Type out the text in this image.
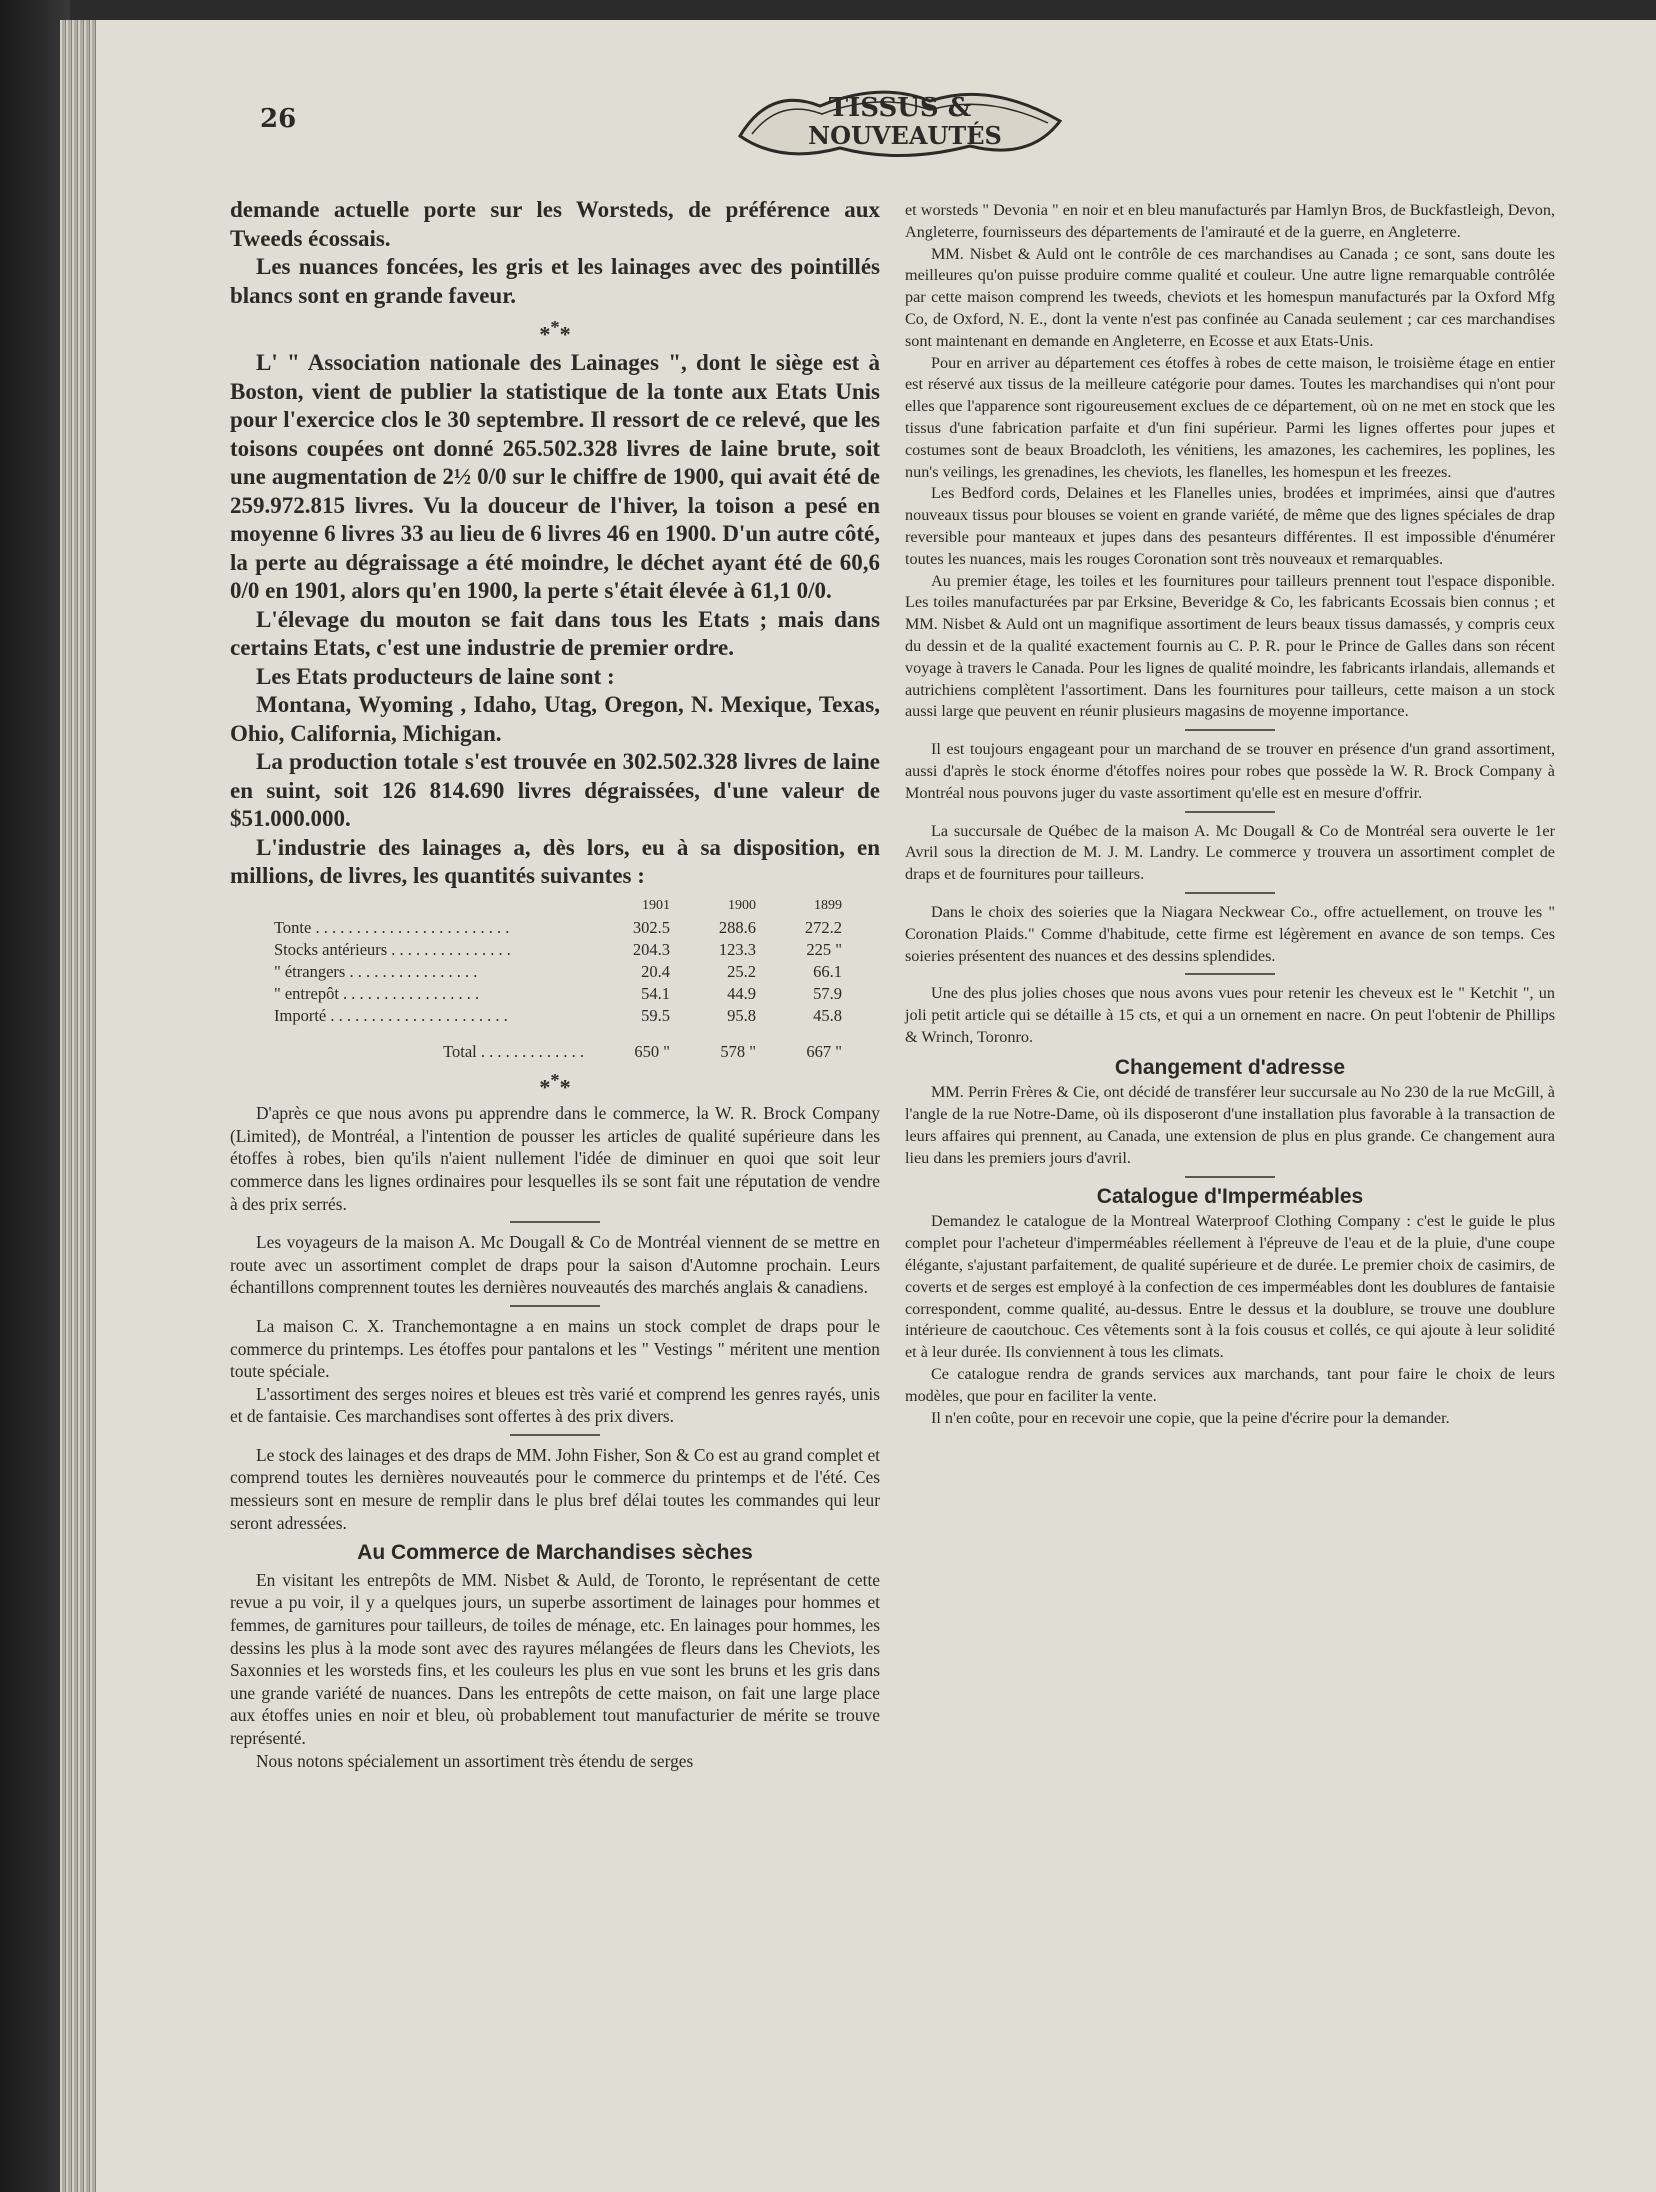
26	TISSUS &
NOUVEAUTÉS

demande actuelle porte sur les Worsteds, de préférence aux Tweeds écossais.

Les nuances foncées, les gris et les lainages avec des pointillés blancs sont en grande faveur.

***

L' " Association nationale des Lainages ", dont le siège est à Boston, vient de publier la statistique de la tonte aux Etats Unis pour l'exercice clos le 30 septembre. Il ressort de ce relevé, que les toisons coupées ont donné 265.502.328 livres de laine brute, soit une augmentation de 2½ 0/0 sur le chiffre de 1900, qui avait été de 259.972.815 livres. Vu la douceur de l'hiver, la toison a pesé en moyenne 6 livres 33 au lieu de 6 livres 46 en 1900. D'un autre côté, la perte au dégraissage a été moindre, le déchet ayant été de 60,6 0/0 en 1901, alors qu'en 1900, la perte s'était élevée à 61,1 0/0.

L'élevage du mouton se fait dans tous les Etats ; mais dans certains Etats, c'est une industrie de premier ordre.

Les Etats producteurs de laine sont :

Montana, Wyoming , Idaho, Utag, Oregon, N. Mexique, Texas, Ohio, California, Michigan.

La production totale s'est trouvée en 302.502.328 livres de laine en suint, soit 126 814.690 livres dégraissées, d'une valeur de $51.000.000.

L'industrie des lainages a, dès lors, eu à sa disposition, en millions, de livres, les quantités suivantes :

	1901	1900	1899
Tonte . . . . . . . . . . . . . . . . . . . . . . . .	302.5	288.6	272.2
Stocks antérieurs . . . . . . . . . . . . . . .	204.3	123.3	225 "
" étrangers . . . . . . . . . . . . . . . .	20.4	25.2	66.1
" entrepôt . . . . . . . . . . . . . . . . .	54.1	44.9	57.9
Importé . . . . . . . . . . . . . . . . . . . . . .	59.5	95.8	45.8
Total . . . . . . . . . . . . .	650 "	578 "	667 "
***

D'après ce que nous avons pu apprendre dans le commerce, la W. R. Brock Company (Limited), de Montréal, a l'intention de pousser les articles de qualité supérieure dans les étoffes à robes, bien qu'ils n'aient nullement l'idée de diminuer en quoi que soit leur commerce dans les lignes ordinaires pour lesquelles ils se sont fait une réputation de vendre à des prix serrés.

Les voyageurs de la maison A. Mc Dougall & Co de Montréal viennent de se mettre en route avec un assortiment complet de draps pour la saison d'Automne prochain. Leurs échantillons comprennent toutes les dernières nouveautés des marchés anglais & canadiens.

La maison C. X. Tranchemontagne a en mains un stock complet de draps pour le commerce du printemps. Les étoffes pour pantalons et les " Vestings " méritent une mention toute spéciale.

L'assortiment des serges noires et bleues est très varié et comprend les genres rayés, unis et de fantaisie. Ces marchandises sont offertes à des prix divers.

Le stock des lainages et des draps de MM. John Fisher, Son & Co est au grand complet et comprend toutes les dernières nouveautés pour le commerce du printemps et de l'été. Ces messieurs sont en mesure de remplir dans le plus bref délai toutes les commandes qui leur seront adressées.

Au Commerce de Marchandises sèches

En visitant les entrepôts de MM. Nisbet & Auld, de Toronto, le représentant de cette revue a pu voir, il y a quelques jours, un superbe assortiment de lainages pour hommes et femmes, de garnitures pour tailleurs, de toiles de ménage, etc. En lainages pour hommes, les dessins les plus à la mode sont avec des rayures mélangées de fleurs dans les Cheviots, les Saxonnies et les worsteds fins, et les couleurs les plus en vue sont les bruns et les gris dans une grande variété de nuances. Dans les entrepôts de cette maison, on fait une large place aux étoffes unies en noir et bleu, où probablement tout manufacturier de mérite se trouve représenté.

Nous notons spécialement un assortiment très étendu de serges

et worsteds " Devonia " en noir et en bleu manufacturés par Hamlyn Bros, de Buckfastleigh, Devon, Angleterre, fournisseurs des départements de l'amirauté et de la guerre, en Angleterre.

MM. Nisbet & Auld ont le contrôle de ces marchandises au Canada ; ce sont, sans doute les meilleures qu'on puisse produire comme qualité et couleur. Une autre ligne remarquable contrôlée par cette maison comprend les tweeds, cheviots et les homespun manufacturés par la Oxford Mfg Co, de Oxford, N. E., dont la vente n'est pas confinée au Canada seulement ; car ces marchandises sont maintenant en demande en Angleterre, en Ecosse et aux Etats-Unis.

Pour en arriver au département ces étoffes à robes de cette maison, le troisième étage en entier est réservé aux tissus de la meilleure catégorie pour dames. Toutes les marchandises qui n'ont pour elles que l'apparence sont rigoureusement exclues de ce département, où on ne met en stock que les tissus d'une fabrication parfaite et d'un fini supérieur. Parmi les lignes offertes pour jupes et costumes sont de beaux Broadcloth, les vénitiens, les amazones, les cachemires, les poplines, les nun's veilings, les grenadines, les cheviots, les flanelles, les homespun et les freezes.

Les Bedford cords, Delaines et les Flanelles unies, brodées et imprimées, ainsi que d'autres nouveaux tissus pour blouses se voient en grande variété, de même que des lignes spéciales de drap reversible pour manteaux et jupes dans des pesanteurs différentes. Il est impossible d'énumérer toutes les nuances, mais les rouges Coronation sont très nouveaux et remarquables.

Au premier étage, les toiles et les fournitures pour tailleurs prennent tout l'espace disponible. Les toiles manufacturées par par Erksine, Beveridge & Co, les fabricants Ecossais bien connus ; et MM. Nisbet & Auld ont un magnifique assortiment de leurs beaux tissus damassés, y compris ceux du dessin et de la qualité exactement fournis au C. P. R. pour le Prince de Galles dans son récent voyage à travers le Canada. Pour les lignes de qualité moindre, les fabricants irlandais, allemands et autrichiens complètent l'assortiment. Dans les fournitures pour tailleurs, cette maison a un stock aussi large que peuvent en réunir plusieurs magasins de moyenne importance.

Il est toujours engageant pour un marchand de se trouver en présence d'un grand assortiment, aussi d'après le stock énorme d'étoffes noires pour robes que possède la W. R. Brock Company à Montréal nous pouvons juger du vaste assortiment qu'elle est en mesure d'offrir.

La succursale de Québec de la maison A. Mc Dougall & Co de Montréal sera ouverte le 1er Avril sous la direction de M. J. M. Landry. Le commerce y trouvera un assortiment complet de draps et de fournitures pour tailleurs.

Dans le choix des soieries que la Niagara Neckwear Co., offre actuellement, on trouve les " Coronation Plaids." Comme d'habitude, cette firme est légèrement en avance de son temps. Ces soieries présentent des nuances et des dessins splendides.

Une des plus jolies choses que nous avons vues pour retenir les cheveux est le " Ketchit ", un joli petit article qui se détaille à 15 cts, et qui a un ornement en nacre. On peut l'obtenir de Phillips & Wrinch, Toronro.

Changement d'adresse

MM. Perrin Frères & Cie, ont décidé de transférer leur succursale au No 230 de la rue McGill, à l'angle de la rue Notre-Dame, où ils disposeront d'une installation plus favorable à la transaction de leurs affaires qui prennent, au Canada, une extension de plus en plus grande. Ce changement aura lieu dans les premiers jours d'avril.

Catalogue d'Imperméables

Demandez le catalogue de la Montreal Waterproof Clothing Company : c'est le guide le plus complet pour l'acheteur d'imperméables réellement à l'épreuve de l'eau et de la pluie, d'une coupe élégante, s'ajustant parfaitement, de qualité supérieure et de durée. Le premier choix de casimirs, de coverts et de serges est employé à la confection de ces imperméables dont les doublures de fantaisie correspondent, comme qualité, au-dessus. Entre le dessus et la doublure, se trouve une doublure intérieure de caoutchouc. Ces vêtements sont à la fois cousus et collés, ce qui ajoute à leur solidité et à leur durée. Ils conviennent à tous les climats.

Ce catalogue rendra de grands services aux marchands, tant pour faire le choix de leurs modèles, que pour en faciliter la vente.

Il n'en coûte, pour en recevoir une copie, que la peine d'écrire pour la demander.
